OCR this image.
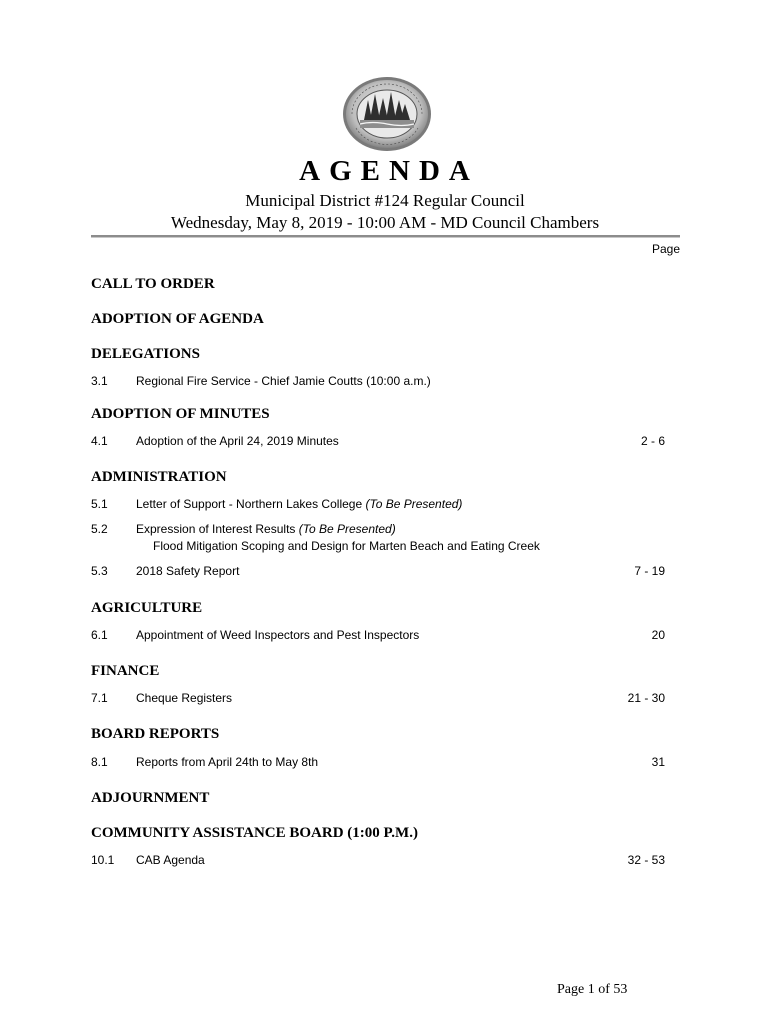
AGENDA
Municipal District #124 Regular Council
Wednesday, May 8, 2019 - 10:00 AM - MD Council Chambers
Page
CALL TO ORDER
ADOPTION OF AGENDA
DELEGATIONS
3.1 Regional Fire Service - Chief Jamie Coutts (10:00 a.m.)
ADOPTION OF MINUTES
4.1 Adoption of the April 24, 2019 Minutes	2 - 6
ADMINISTRATION
5.1 Letter of Support - Northern Lakes College (To Be Presented)
5.2 Expression of Interest Results (To Be Presented)
Flood Mitigation Scoping and Design for Marten Beach and Eating Creek
5.3 2018 Safety Report	7 - 19
AGRICULTURE
6.1 Appointment of Weed Inspectors and Pest Inspectors	20
FINANCE
7.1 Cheque Registers	21 - 30
BOARD REPORTS
8.1 Reports from April 24th to May 8th	31
ADJOURNMENT
COMMUNITY ASSISTANCE BOARD (1:00 P.M.)
10.1 CAB Agenda	32 - 53
Page 1 of 53
